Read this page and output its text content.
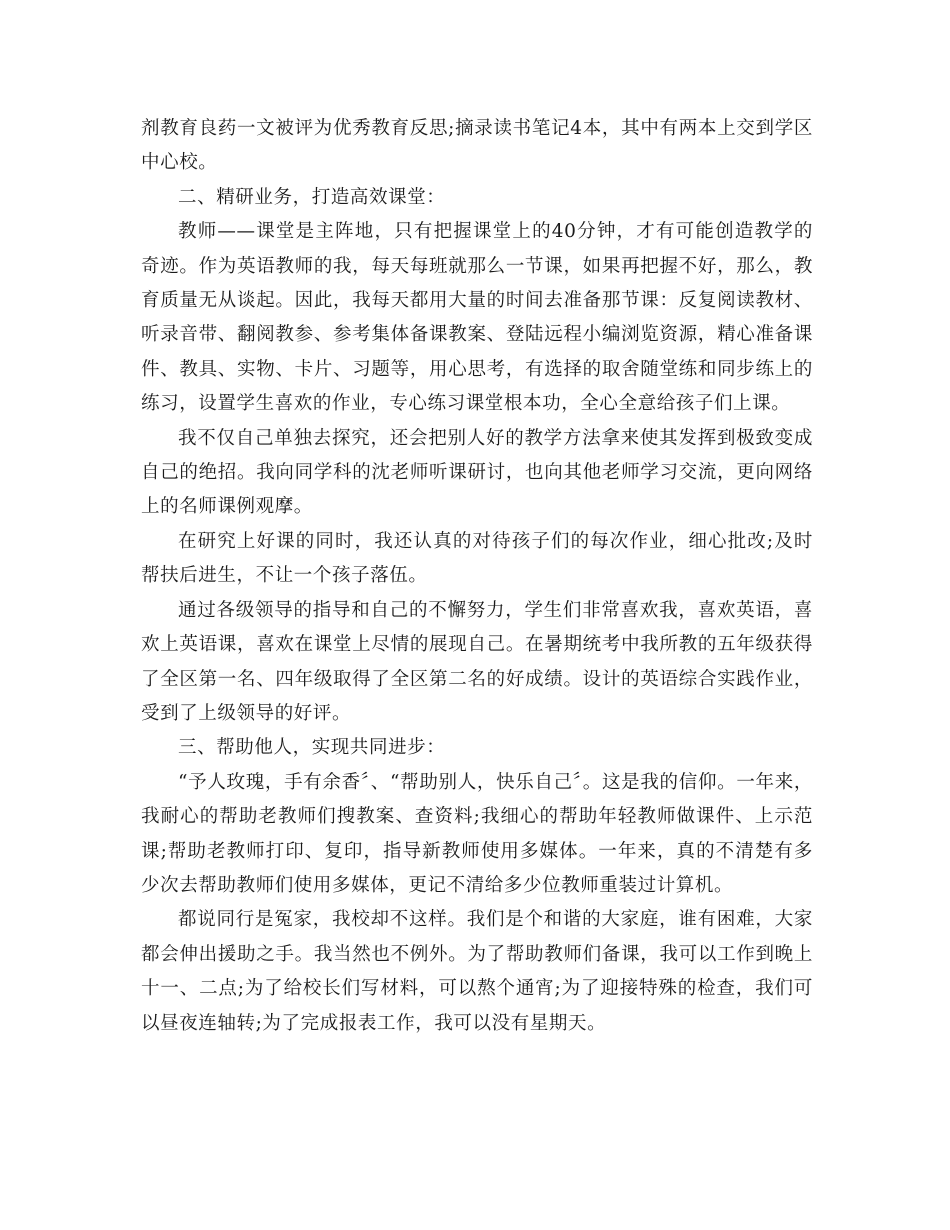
剂教育良药一文被评为优秀教育反思;摘录读书笔记4本，其中有两本上交到学区中心校。

二、精研业务，打造高效课堂：

教师——课堂是主阵地，只有把握课堂上的40分钟，才有可能创造教学的奇迹。作为英语教师的我，每天每班就那么一节课，如果再把握不好，那么，教育质量无从谈起。因此，我每天都用大量的时间去准备那节课：反复阅读教材、听录音带、翻阅教参、参考集体备课教案、登陆远程小编浏览资源，精心准备课件、教具、实物、卡片、习题等，用心思考，有选择的取舍随堂练和同步练上的练习，设置学生喜欢的作业，专心练习课堂根本功，全心全意给孩子们上课。

我不仅自己单独去探究，还会把别人好的教学方法拿来使其发挥到极致变成自己的绝招。我向同学科的沈老师听课研讨，也向其他老师学习交流，更向网络上的名师课例观摩。

在研究上好课的同时，我还认真的对待孩子们的每次作业，细心批改;及时帮扶后进生，不让一个孩子落伍。

通过各级领导的指导和自己的不懈努力，学生们非常喜欢我，喜欢英语，喜欢上英语课，喜欢在课堂上尽情的展现自己。在暑期统考中我所教的五年级获得了全区第一名、四年级取得了全区第二名的好成绩。设计的英语综合实践作业，受到了上级领导的好评。

三、帮助他人，实现共同进步：

“予人玫瑰，手有余香〞、“帮助别人，快乐自己〞。这是我的信仰。一年来，我耐心的帮助老教师们搜教案、查资料;我细心的帮助年轻教师做课件、上示范课;帮助老教师打印、复印，指导新教师使用多媒体。一年来，真的不清楚有多少次去帮助教师们使用多媒体，更记不清给多少位教师重装过计算机。

都说同行是冤家，我校却不这样。我们是个和谐的大家庭，谁有困难，大家都会伸出援助之手。我当然也不例外。为了帮助教师们备课，我可以工作到晚上十一、二点;为了给校长们写材料，可以熬个通宵;为了迎接特殊的检查，我们可以昼夜连轴转;为了完成报表工作，我可以没有星期天。
